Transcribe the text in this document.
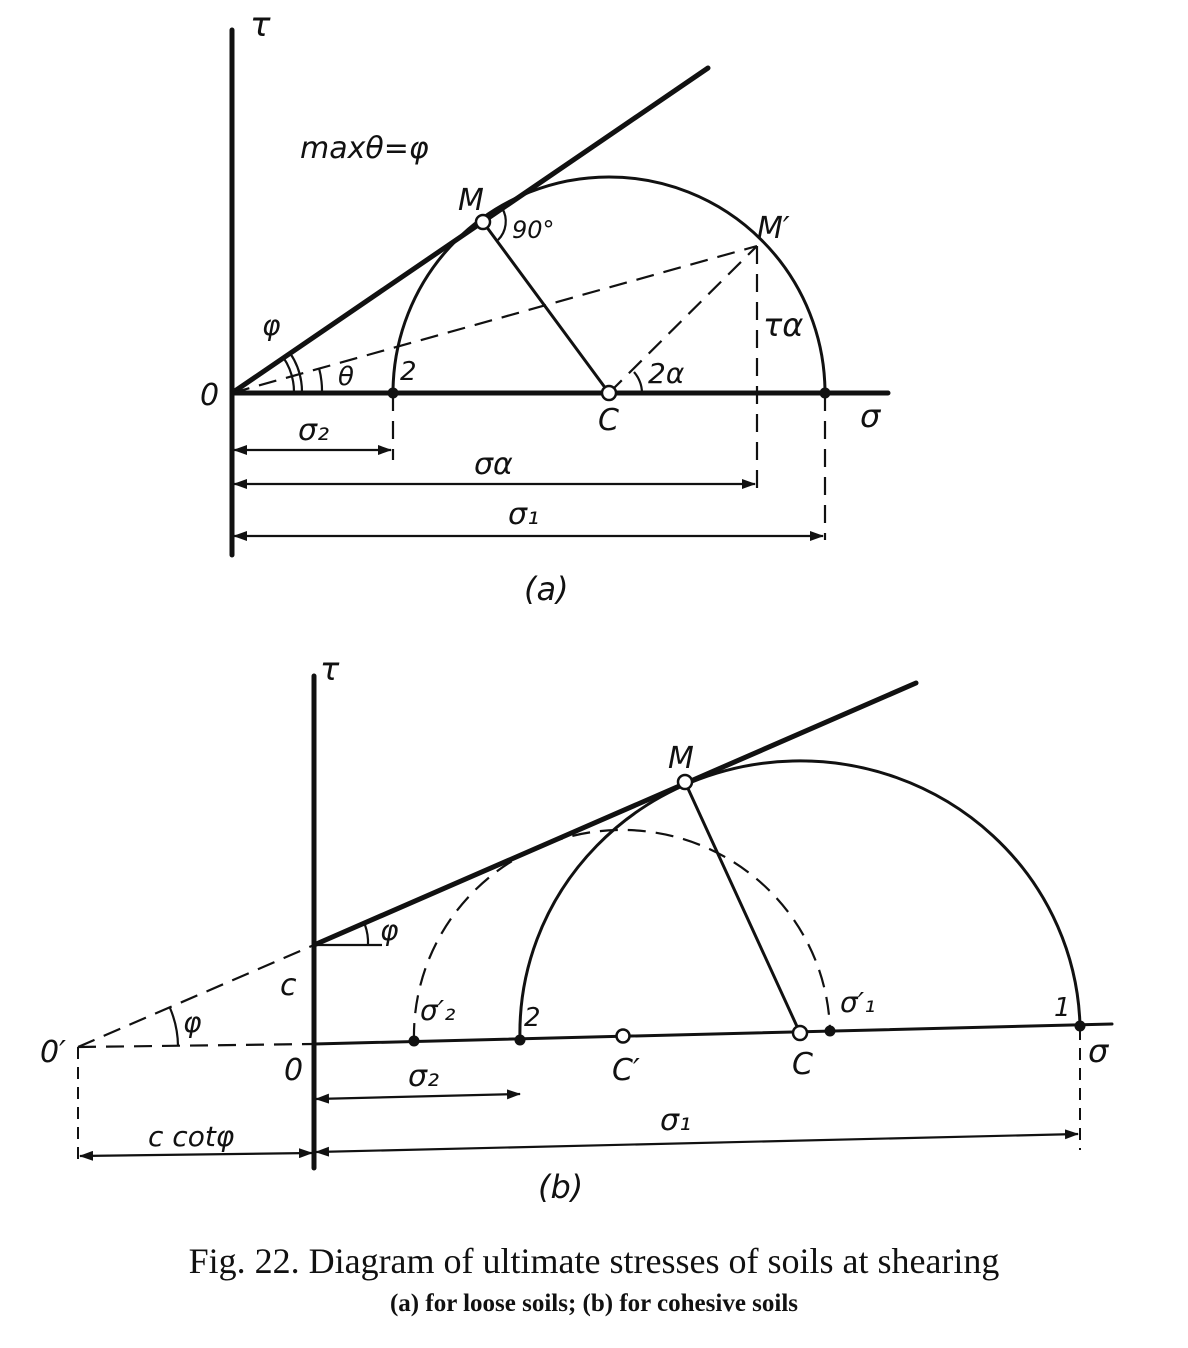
τ
σ
maxθ=φ
0
M
M′
90°
C
2
φ
θ	2α
τα
σ₂
σα
σ₁
(a)
τ
σ
0
0′
c
M
C
C′
1
2
φ
φ	σ′₂	σ′₁
σ₂
σ₁
c cotφ
(b)
Fig. 22. Diagram of ultimate stresses of soils at shearing
(a) for loose soils; (b) for cohesive soils
